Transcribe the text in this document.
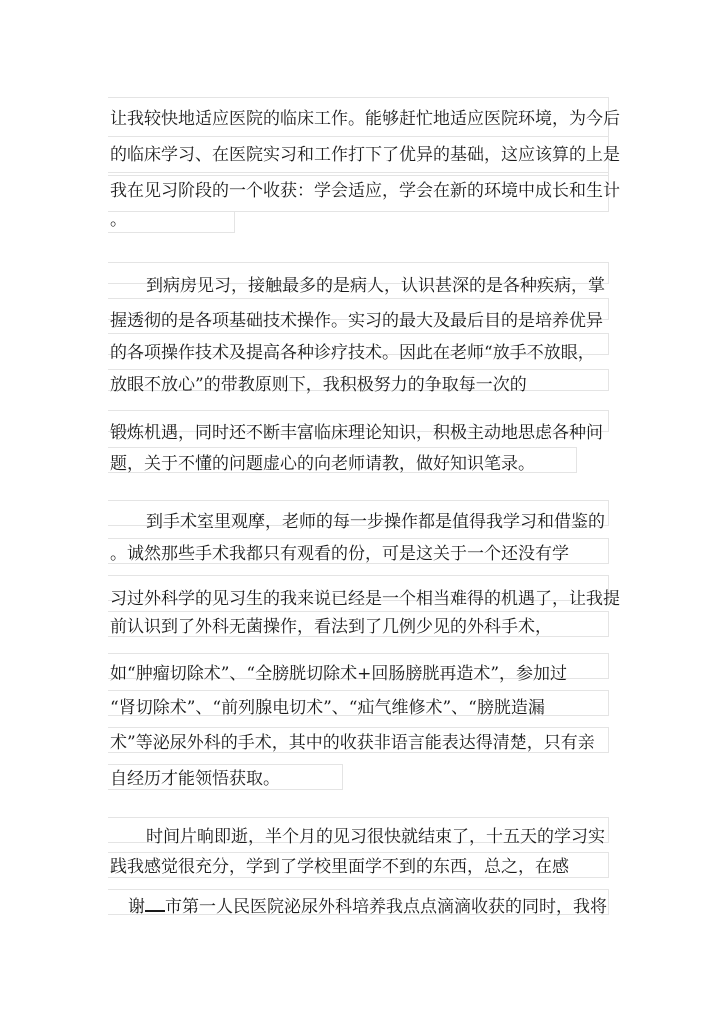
让我较快地适应医院的临床工作。能够赶忙地适应医院环境，为今后
的临床学习、在医院实习和工作打下了优异的基础，这应该算的上是
我在见习阶段的一个收获：学会适应，学会在新的环境中成长和生计
。
到病房见习，接触最多的是病人，认识甚深的是各种疾病，掌
握透彻的是各项基础技术操作。实习的最大及最后目的是培养优异
的各项操作技术及提高各种诊疗技术。因此在老师“放手不放眼，
放眼不放心”的带教原则下，我积极努力的争取每一次的
锻炼机遇，同时还不断丰富临床理论知识，积极主动地思虑各种问
题，关于不懂的问题虚心的向老师请教，做好知识笔录。
到手术室里观摩，老师的每一步操作都是值得我学习和借鉴的
。诚然那些手术我都只有观看的份，可是这关于一个还没有学
习过外科学的见习生的我来说已经是一个相当难得的机遇了，让我提
前认识到了外科无菌操作，看法到了几例少见的外科手术，
如“肿瘤切除术”、“全膀胱切除术+回肠膀胱再造术”，参加过
“肾切除术”、“前列腺电切术”、“疝气维修术”、“膀胱造漏
术”等泌尿外科的手术，其中的收获非语言能表达得清楚，只有亲
自经历才能领悟获取。
时间片晌即逝，半个月的见习很快就结束了，十五天的学习实
践我感觉很充分，学到了学校里面学不到的东西，总之，在感
谢 市第一人民医院泌尿外科培养我点点滴滴收获的同时，我将
